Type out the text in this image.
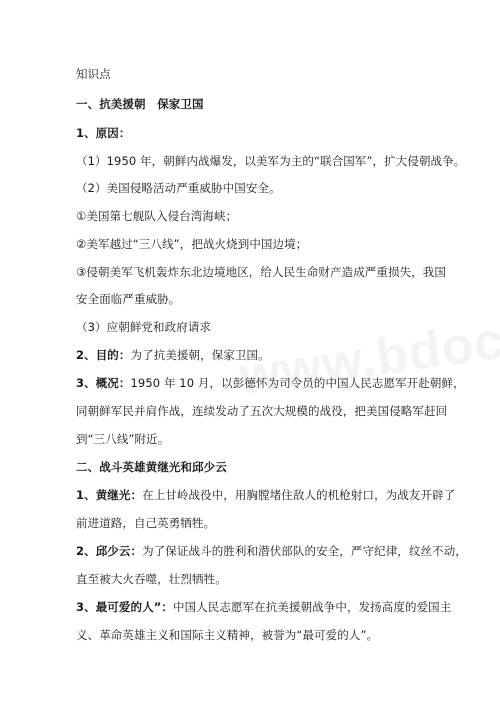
知识点
一、抗美援朝　保家卫国
1、原因：
（1）1950 年，朝鲜内战爆发，以美军为主的“联合国军”，扩大侵朝战争。
（2）美国侵略活动严重威胁中国安全。
①美国第七舰队入侵台湾海峡；
②美军越过“三八线”，把战火烧到中国边境；
③侵朝美军飞机轰炸东北边境地区，给人民生命财产造成严重损失，我国
安全面临严重威胁。
（3）应朝鲜党和政府请求
2、目的：为了抗美援朝，保家卫国。
3、概况：1950 年 10 月，以彭德怀为司令员的中国人民志愿军开赴朝鲜，
同朝鲜军民并肩作战，连续发动了五次大规模的战役，把美国侵略军赶回
到“三八线”附近。
二、战斗英雄黄继光和邱少云
1、黄继光：在上甘岭战役中，用胸膛堵住敌人的机枪射口，为战友开辟了
前进道路，自己英勇牺牲。
2、邱少云：为了保证战斗的胜利和潜伏部队的安全，严守纪律，纹丝不动，
直至被大火吞噬，壮烈牺牲。
3、最可爱的人”：中国人民志愿军在抗美援朝战争中，发扬高度的爱国主
义、革命英雄主义和国际主义精神，被誉为“最可爱的人”。
